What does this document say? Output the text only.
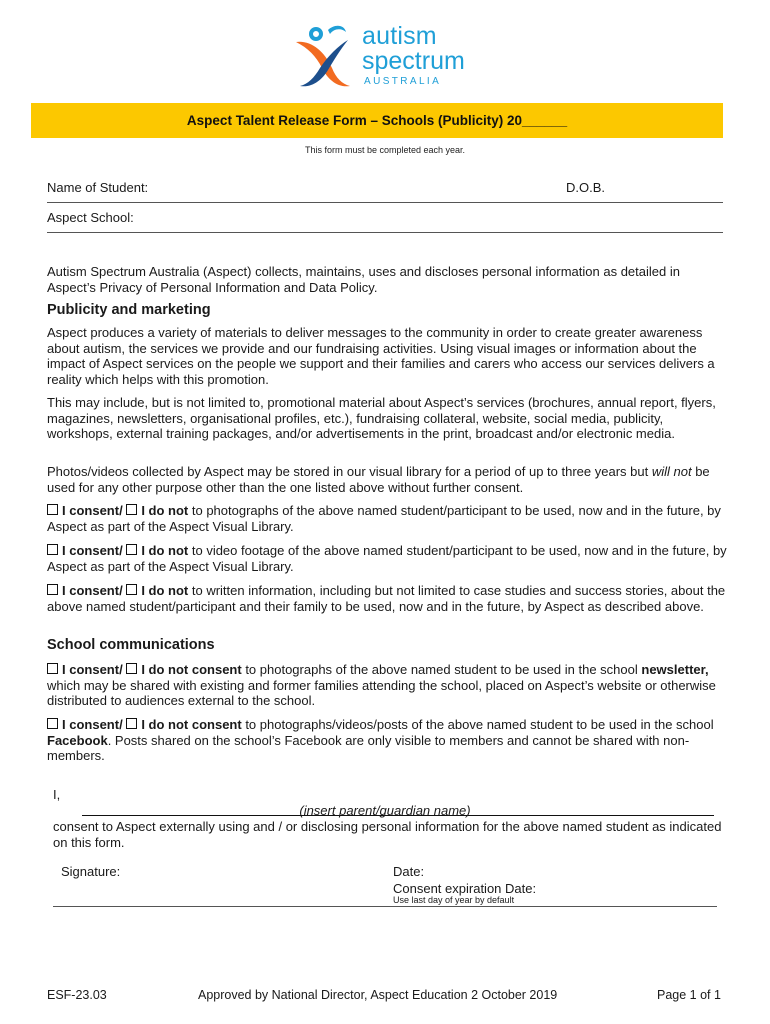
autism
spectrum
AUSTRALIA
Aspect Talent Release Form – Schools (Publicity) 20______
This form must be completed each year.
Name of Student:	D.O.B.
Aspect School:
Autism Spectrum Australia (Aspect) collects, maintains, uses and discloses personal information as detailed in Aspect’s Privacy of Personal Information and Data Policy.
Publicity and marketing
Aspect produces a variety of materials to deliver messages to the community in order to create greater awareness about autism, the services we provide and our fundraising activities. Using visual images or information about the impact of Aspect services on the people we support and their families and carers who access our services delivers a reality which helps with this promotion.
This may include, but is not limited to, promotional material about Aspect’s services (brochures, annual report, flyers, magazines, newsletters, organisational profiles, etc.), fundraising collateral, website, social media, publicity, workshops, external training packages, and/or advertisements in the print, broadcast and/or electronic media.
Photos/videos collected by Aspect may be stored in our visual library for a period of up to three years but will not be used for any other purpose other than the one listed above without further consent.
I consent/ I do not to photographs of the above named student/participant to be used, now and in the future, by Aspect as part of the Aspect Visual Library.
I consent/ I do not to video footage of the above named student/participant to be used, now and in the future, by Aspect as part of the Aspect Visual Library.
I consent/ I do not to written information, including but not limited to case studies and success stories, about the above named student/participant and their family to be used, now and in the future, by Aspect as described above.
School communications
I consent/ I do not consent to photographs of the above named student to be used in the school newsletter, which may be shared with existing and former families attending the school, placed on Aspect’s website or otherwise distributed to audiences external to the school.
I consent/ I do not consent to photographs/videos/posts of the above named student to be used in the school Facebook. Posts shared on the school’s Facebook are only visible to members and cannot be shared with non-members.
I,
(insert parent/guardian name)
consent to Aspect externally using and / or disclosing personal information for the above named student as indicated on this form.
Signature:	Date:
Consent expiration Date:
Use last day of year by default
ESF-23.03	Approved by National Director, Aspect Education 2 October 2019	Page 1 of 1
